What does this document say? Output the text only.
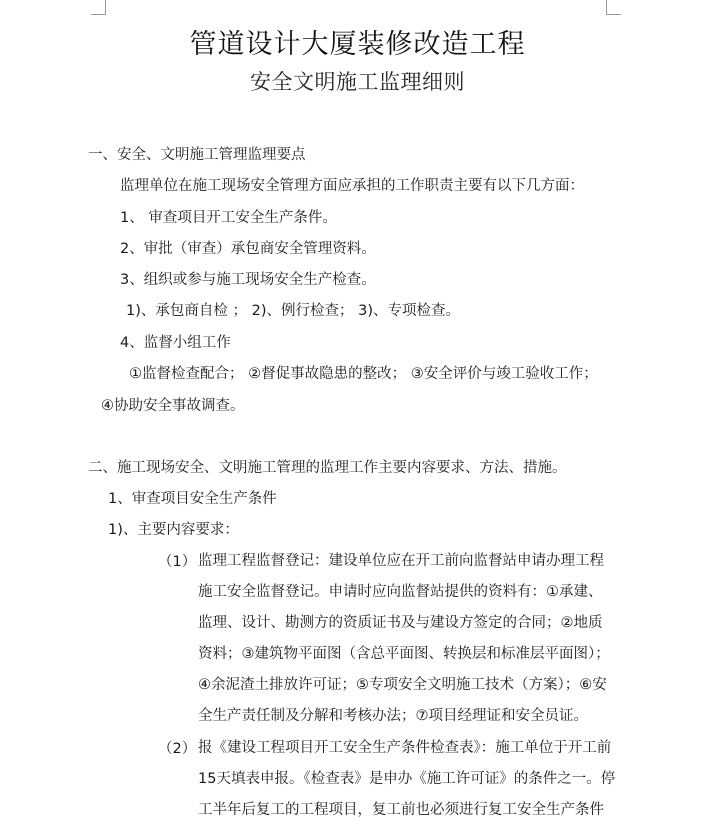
管道设计大厦装修改造工程
安全文明施工监理细则
一、安全、文明施工管理监理要点
监理单位在施工现场安全管理方面应承担的工作职责主要有以下几方面：
1、 审查项目开工安全生产条件。
2、审批（审查）承包商安全管理资料。
3、组织或参与施工现场安全生产检查。
1)、承包商自检 ； 2)、例行检查； 3)、专项检查。
4、监督小组工作
①监督检查配合； ②督促事故隐患的整改； ③安全评价与竣工验收工作；
④协助安全事故调查。
二、施工现场安全、文明施工管理的监理工作主要内容要求、方法、措施。
1、审查项目安全生产条件
1)、主要内容要求：
（1） 监理工程监督登记：建设单位应在开工前向监督站申请办理工程

施工安全监督登记。申请时应向监督站提供的资料有：①承建、

监理、设计、勘测方的资质证书及与建设方签定的合同；②地质

资料；③建筑物平面图（含总平面图、转换层和标准层平面图）；

④余泥渣土排放许可证；⑤专项安全文明施工技术（方案）；⑥安

全生产责任制及分解和考核办法；⑦项目经理证和安全员证。

（2） 报《建设工程项目开工安全生产条件检查表》：施工单位于开工前

15天填表申报。《检查表》是申办《施工许可证》的条件之一。停

工半年后复工的工程项目，复工前也必须进行复工安全生产条件
